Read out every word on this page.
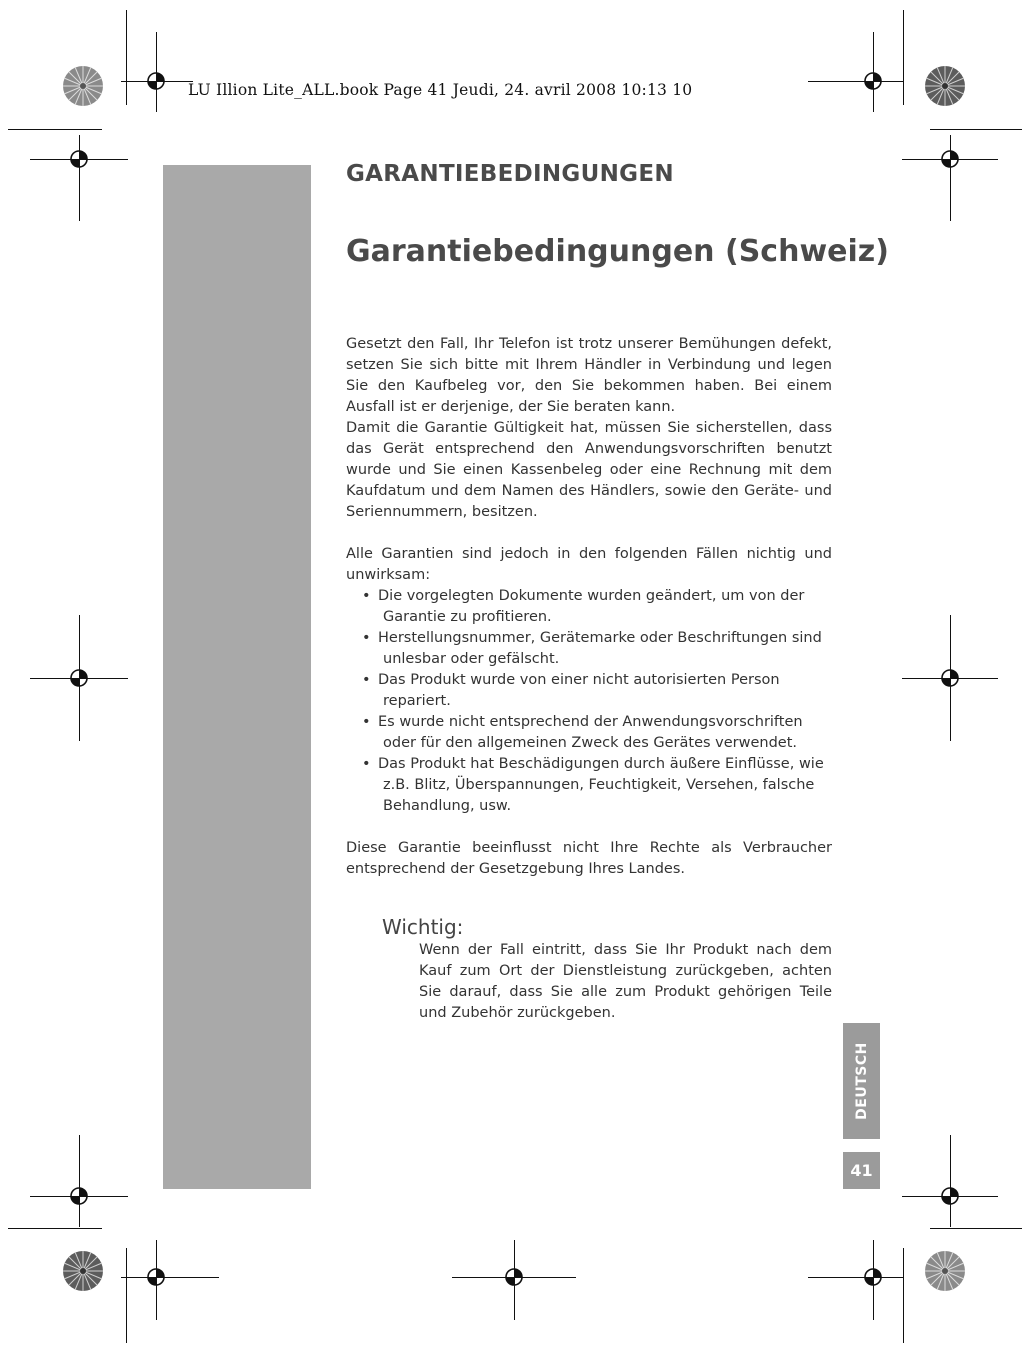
LU Illion Lite_ALL.book Page 41 Jeudi, 24. avril 2008 10:13 10
GARANTIEBEDINGUNGEN
Garantiebedingungen (Schweiz)

Gesetzt den Fall, Ihr Telefon ist trotz unserer Bemühungen defekt, setzen Sie sich bitte mit Ihrem Händler in Verbindung und legen Sie den Kaufbeleg vor, den Sie bekommen haben. Bei einem Ausfall ist er derjenige, der Sie beraten kann.

Damit die Garantie Gültigkeit hat, müssen Sie sicherstellen, dass das Gerät entsprechend den Anwendungsvorschriften benutzt wurde und Sie einen Kassenbeleg oder eine Rechnung mit dem Kaufdatum und dem Namen des Händlers, sowie den Geräte- und Seriennummern, besitzen.

Alle Garantien sind jedoch in den folgenden Fällen nichtig und unwirksam:

• Die vorgelegten Dokumente wurden geändert, um von der Garantie zu profitieren.
• Herstellungsnummer, Gerätemarke oder Beschriftungen sind unlesbar oder gefälscht.
• Das Produkt wurde von einer nicht autorisierten Person repariert.
• Es wurde nicht entsprechend der Anwendungsvorschriften oder für den allgemeinen Zweck des Gerätes verwendet.
• Das Produkt hat Beschädigungen durch äußere Einflüsse, wie z.B. Blitz, Überspannungen, Feuchtigkeit, Versehen, falsche Behandlung, usw.

Diese Garantie beeinflusst nicht Ihre Rechte als Verbraucher entsprechend der Gesetzgebung Ihres Landes.

Wichtig:

Wenn der Fall eintritt, dass Sie Ihr Produkt nach dem Kauf zum Ort der Dienstleistung zurückgeben, achten Sie darauf, dass Sie alle zum Produkt gehörigen Teile und Zubehör zurückgeben.

DEUTSCH
41
